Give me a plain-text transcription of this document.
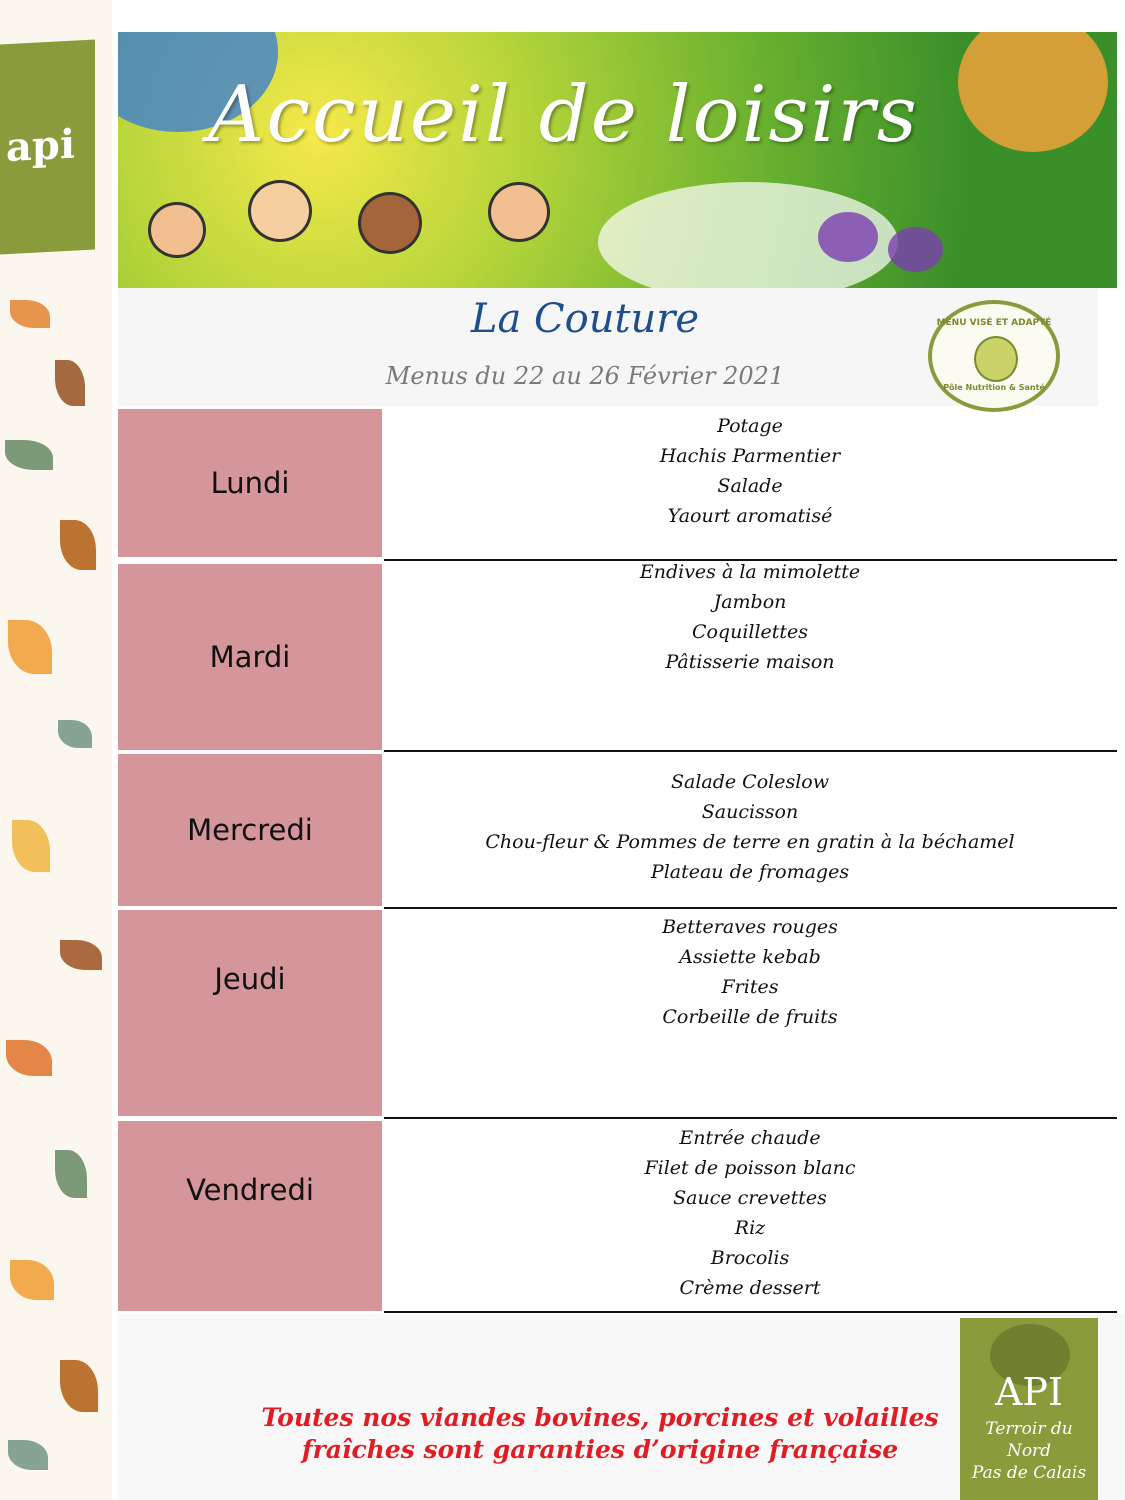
api Accueil de loisirs
La Couture
Menus du 22 au 26 Février 2021
MENU VISÉ ET ADAPTÉ
Pôle Nutrition & Santé
Lundi
Potage
Hachis Parmentier
Salade
Yaourt aromatisé
Mardi
Endives à la mimolette
Jambon
Coquillettes
Pâtisserie maison
Mercredi
Salade Coleslow
Saucisson
Chou-fleur & Pommes de terre en gratin à la béchamel
Plateau de fromages
Jeudi
Betteraves rouges
Assiette kebab
Frites
Corbeille de fruits
Vendredi
Entrée chaude
Filet de poisson blanc
Sauce crevettes
Riz
Brocolis
Crème dessert
Toutes nos viandes bovines, porcines et volailles
fraîches sont garanties d’origine française
API
Terroir du
Nord
Pas de Calais
